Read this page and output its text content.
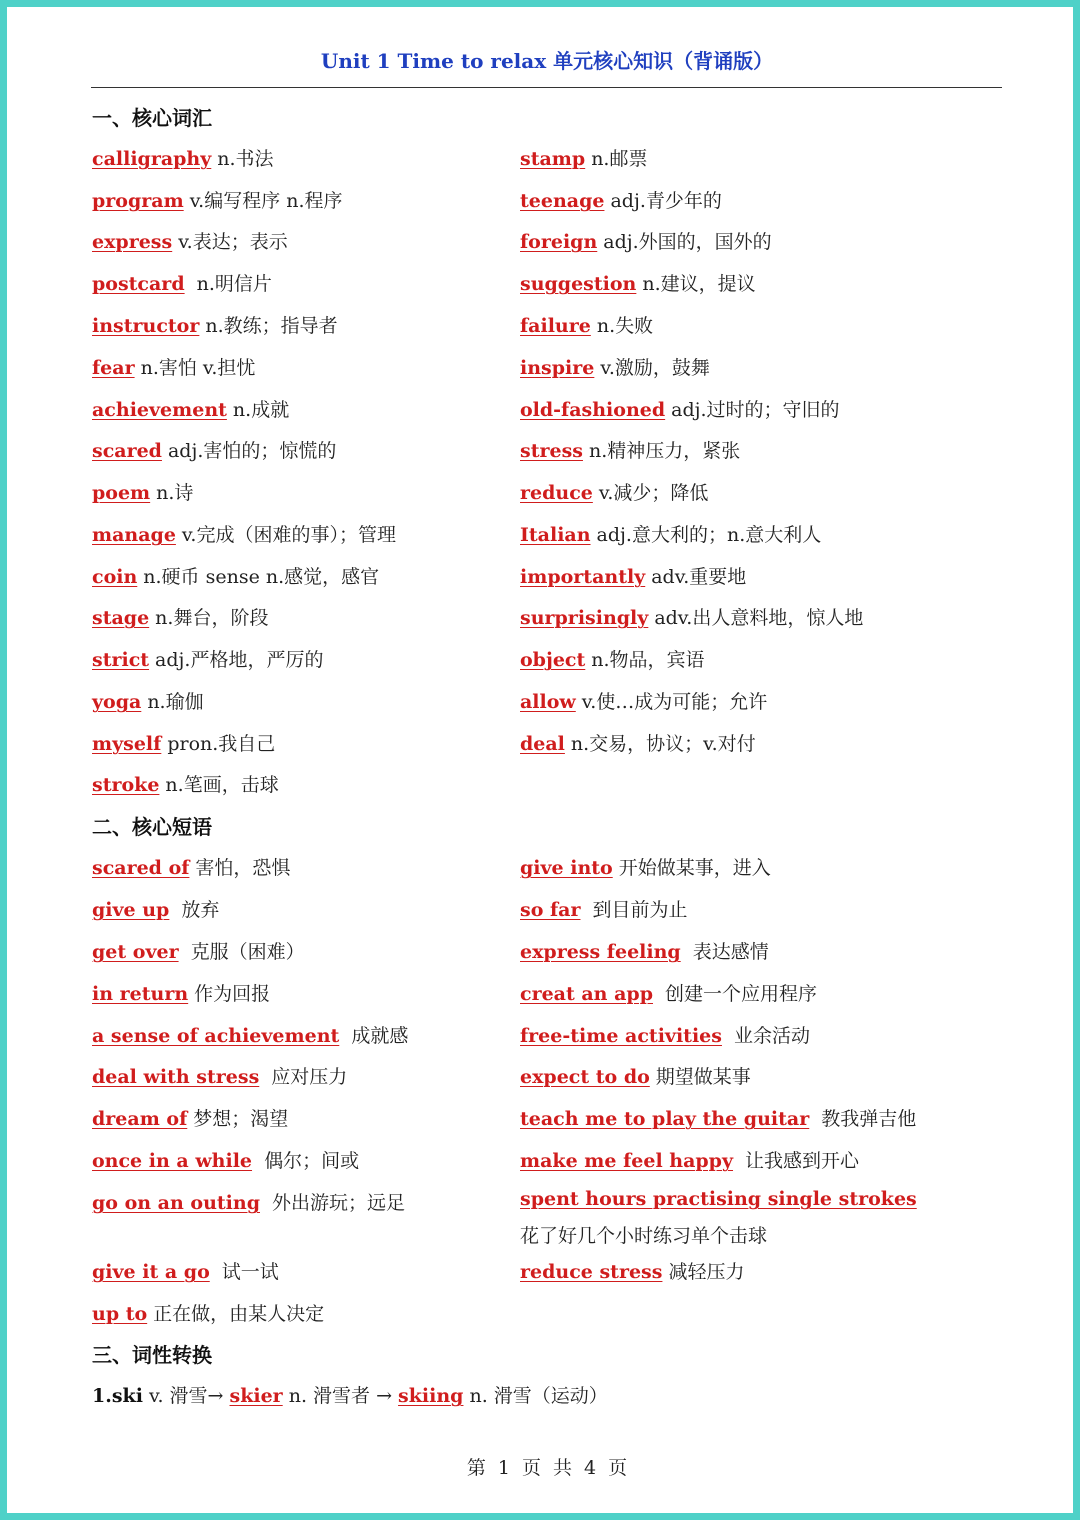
Unit 1 Time to relax 单元核心知识（背诵版）
一、核心词汇
calligraphy n.书法
program v.编写程序 n.程序
express v.表达；表示
postcard n.明信片
instructor n.教练；指导者
fear n.害怕 v.担忧
achievement n.成就
scared adj.害怕的；惊慌的
poem n.诗
manage v.完成（困难的事）；管理
coin n.硬币 sense n.感觉，感官
stage n.舞台，阶段
strict adj.严格地，严厉的
yoga n.瑜伽
myself pron.我自己
stroke n.笔画，击球
stamp n.邮票
teenage adj.青少年的
foreign adj.外国的，国外的
suggestion n.建议，提议
failure n.失败
inspire v.激励，鼓舞
old-fashioned adj.过时的；守旧的
stress n.精神压力，紧张
reduce v.减少；降低
Italian adj.意大利的；n.意大利人
importantly adv.重要地
surprisingly adv.出人意料地，惊人地
object n.物品，宾语
allow v.使…成为可能；允许
deal n.交易，协议；v.对付
二、核心短语
scared of 害怕，恐惧
give up 放弃
get over 克服（困难）
in return 作为回报
a sense of achievement 成就感
deal with stress 应对压力
dream of 梦想；渴望
once in a while 偶尔；间或
go on an outing 外出游玩；远足
give it a go 试一试
up to 正在做，由某人决定
give into 开始做某事，进入
so far 到目前为止
express feeling 表达感情
creat an app 创建一个应用程序
free-time activities 业余活动
expect to do 期望做某事
teach me to play the guitar 教我弹吉他
make me feel happy 让我感到开心
spent hours practising single strokes
花了好几个小时练习单个击球
reduce stress 减轻压力
三、词性转换
1.ski v. 滑雪→ skier n. 滑雪者 → skiing n. 滑雪（运动）
第 1 页 共 4 页
